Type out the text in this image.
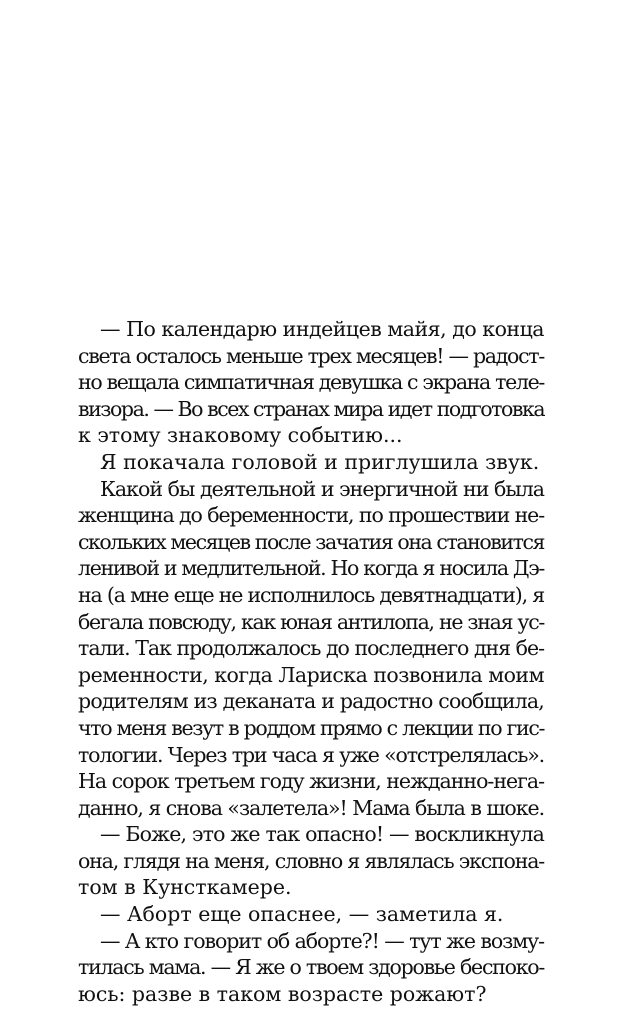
— По календарю индейцев майя, до конца
света осталось меньше трех месяцев! — радост-
но вещала симпатичная девушка с экрана теле-
визора. — Во всех странах мира идет подготовка
к этому знаковому событию...
Я покачала головой и приглушила звук.
Какой бы деятельной и энергичной ни была
женщина до беременности, по прошествии не-
скольких месяцев после зачатия она становится
ленивой и медлительной. Но когда я носила Дэ-
на (а мне еще не исполнилось девятнадцати), я
бегала повсюду, как юная антилопа, не зная ус-
тали. Так продолжалось до последнего дня бе-
ременности, когда Лариска позвонила моим
родителям из деканата и радостно сообщила,
что меня везут в роддом прямо с лекции по гис-
тологии. Через три часа я уже «отстрелялась».
На сорок третьем году жизни, нежданно-нега-
данно, я снова «залетела»! Мама была в шоке.
— Боже, это же так опасно! — воскликнула
она, глядя на меня, словно я являлась экспона-
том в Кунсткамере.
— Аборт еще опаснее, — заметила я.
— А кто говорит об аборте?! — тут же возму-
тилась мама. — Я же о твоем здоровье беспоко-
юсь: разве в таком возрасте рожают?
